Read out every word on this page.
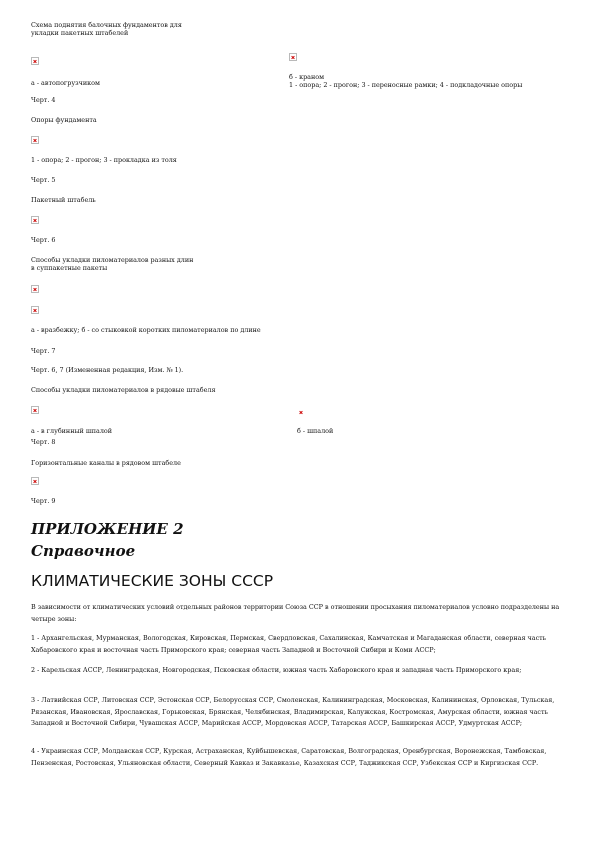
Схема поднятия балочных фундаментов для
укладки пакетных штабелей
а - автопогрузчиком
б - краном
1 - опора; 2 - прогон; 3 - переносные рамки; 4 - подкладочные опоры
Черт. 4
Опоры фундамента
1 - опора; 2 - прогон; 3 - прокладка из толя
Черт. 5
Пакетный штабель
Черт. 6
Способы укладки пиломатериалов разных длин
в суппакетные пакеты
а - вразбежку; б - со стыковкой коротких пиломатериалов по длине
Черт. 7
Черт. 6, 7 (Измененная редакция, Изм. № 1).
Способы укладки пиломатериалов в рядовые штабеля
а - в глубинный шпалой	б - шпалой
Черт. 8
Горизонтальные каналы в рядовом штабеле
Черт. 9
ПРИЛОЖЕНИЕ 2
Справочное
КЛИМАТИЧЕСКИЕ ЗОНЫ СССР
В зависимости от климатических условий отдельных районов территории Союза ССР в отношении просыхания пиломатериалов условно подразделены на четыре зоны:
1 - Архангельская, Мурманская, Вологодская, Кировская, Пермская, Свердловская, Сахалинская, Камчатская и Магаданская области, северная часть Хабаровского края и восточная часть Приморского края; северная часть Западной и Восточной Сибири и Коми АССР;
2 - Карельская АССР, Ленинградская, Новгородская, Псковская области, южная часть Хабаровского края и западная часть Приморского края;
3 - Латвийская ССР, Литовская ССР, Эстонская ССР, Белорусская ССР, Смоленская, Калининградская, Московская, Калининская, Орловская, Тульская, Рязанская, Ивановская, Ярославская, Горьковская, Брянская, Челябинская, Владимирская, Калужская, Костромская, Амурская области, южная часть Западной и Восточной Сибири, Чувашская АССР, Марийская АССР, Мордовская АССР, Татарская АССР, Башкирская АССР, Удмуртская АССР;
4 - Украинская ССР, Молдавская ССР, Курская, Астраханская, Куйбышевская, Саратовская, Волгоградская, Оренбургская, Воронежская, Тамбовская, Пензенская, Ростовская, Ульяновская области, Северный Кавказ и Закавказье, Казахская ССР, Таджикская ССР, Узбекская ССР и Киргизская ССР.
